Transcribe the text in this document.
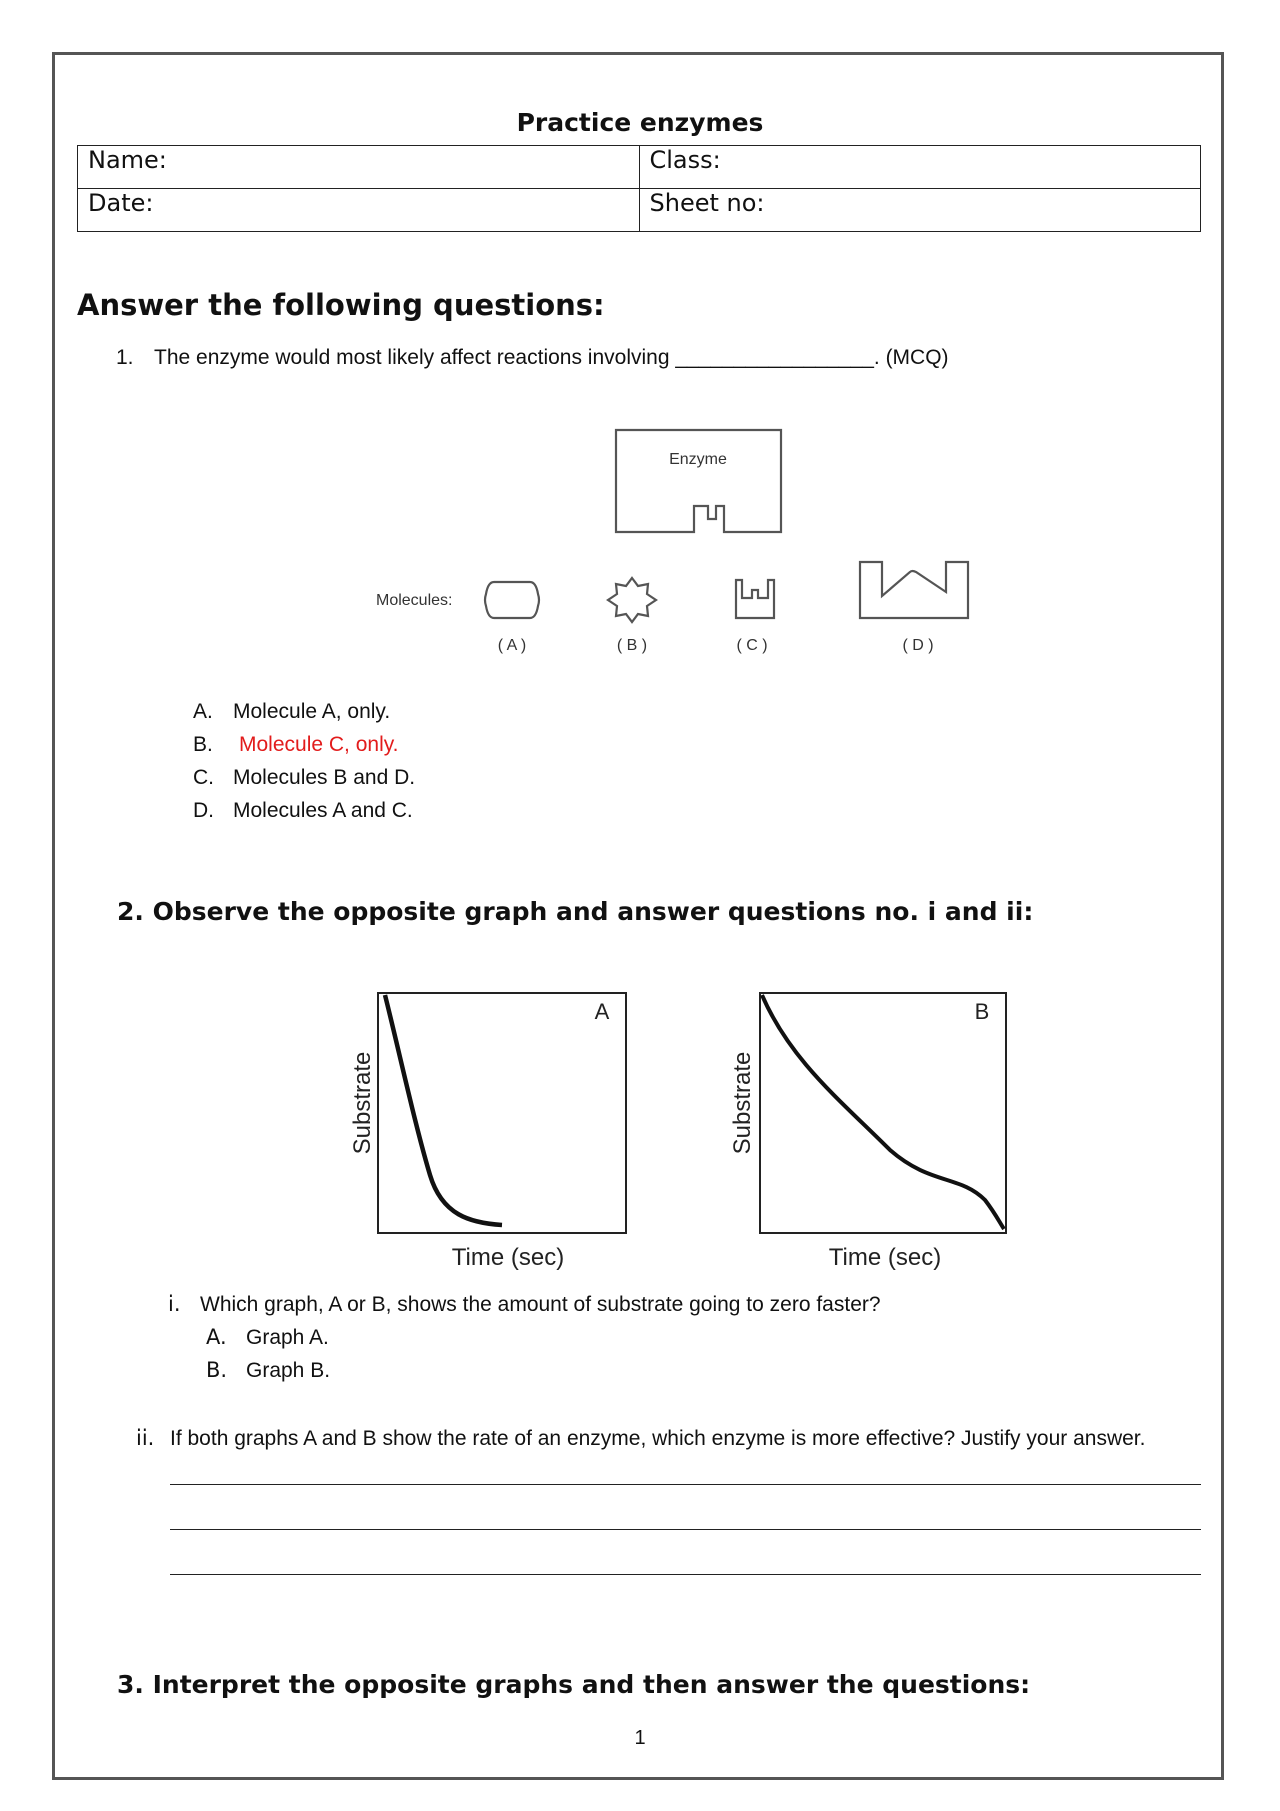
Practice enzymes
Name:	Class:
Date:	Sheet no:
Answer the following questions:
1. The enzyme would most likely affect reactions involving _________________. (MCQ)
Enzyme
Molecules:
( A )	( B )	( C )	( D )
A. Molecule A, only.
B. Molecule C, only.
C. Molecules B and D.
D. Molecules A and C.
2. Observe the opposite graph and answer questions no. i and ii:
A
Substrate
Time (sec)
B
Substrate
Time (sec)
i. Which graph, A or B, shows the amount of substrate going to zero faster?
A. Graph A.
B. Graph B.
ii. If both graphs A and B show the rate of an enzyme, which enzyme is more effective? Justify your answer.
3. Interpret the opposite graphs and then answer the questions:
1
